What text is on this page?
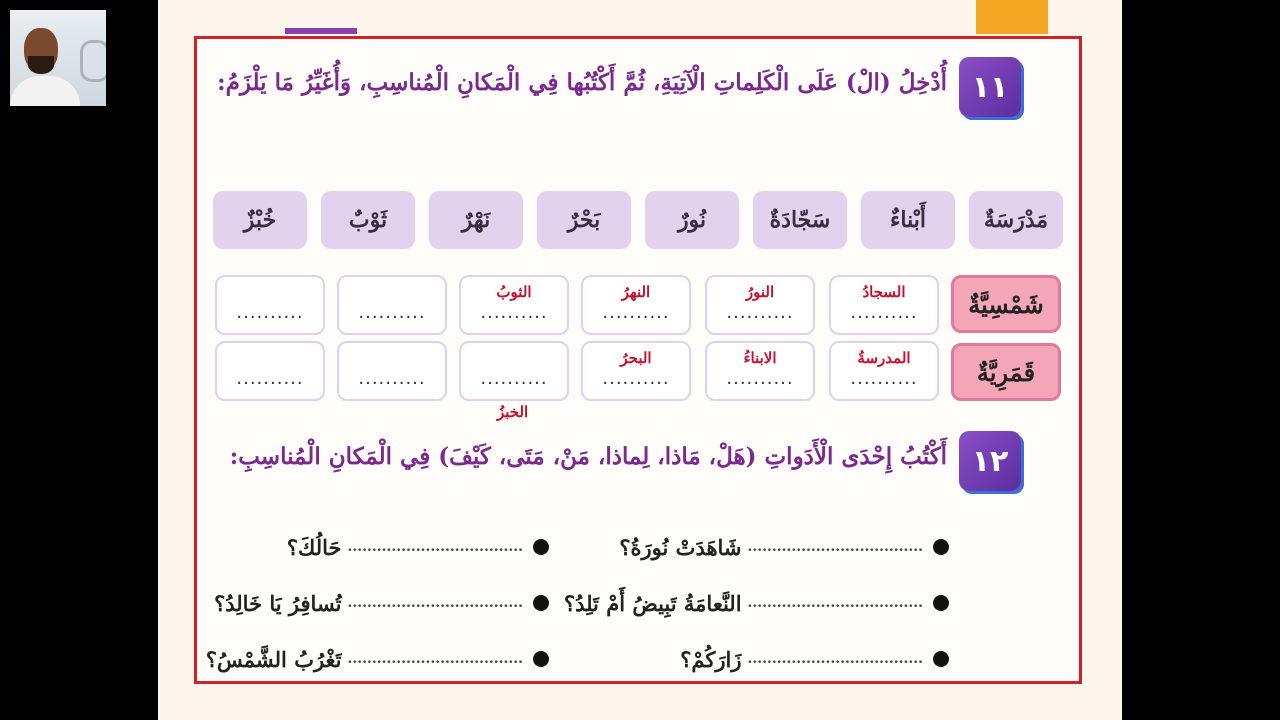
١١
أُدْخِلُ (الْ) عَلَى الْكَلِماتِ الْآتِيَةِ، ثُمَّ أَكْتُبُها فِي الْمَكانِ الْمُناسِبِ، وَأُغَيِّرُ مَا يَلْزَمُ:
مَدْرَسَةٌ
أَبْناءٌ
سَجّادَةٌ
نُورٌ
بَحْرٌ
نَهْرٌ
ثَوْبٌ
خُبْزٌ
شَمْسِيَّةٌ
السجادُ
..........
النورُ
..........
النهرُ
..........
الثوبُ
..........
..........
..........
قَمَرِيَّةٌ
المدرسةُ
..........
الابناءُ
..........
البحرُ
..........
..........
..........
..........
الخبزُ
١٢
أَكْتُبُ إِحْدَى الْأَدَواتِ (هَلْ، مَاذا، لِماذا، مَنْ، مَتَى، كَيْفَ) فِي الْمَكانِ الْمُناسِبِ:
....................................
شَاهَدَتْ نُورَةُ؟
....................................
حَالُكَ؟
....................................
النَّعامَةُ تَبِيضُ أَمْ تَلِدُ؟
....................................
تُسافِرُ يَا خَالِدُ؟
....................................
زَارَكُمْ؟
....................................
تَغْرُبُ الشَّمْسُ؟
